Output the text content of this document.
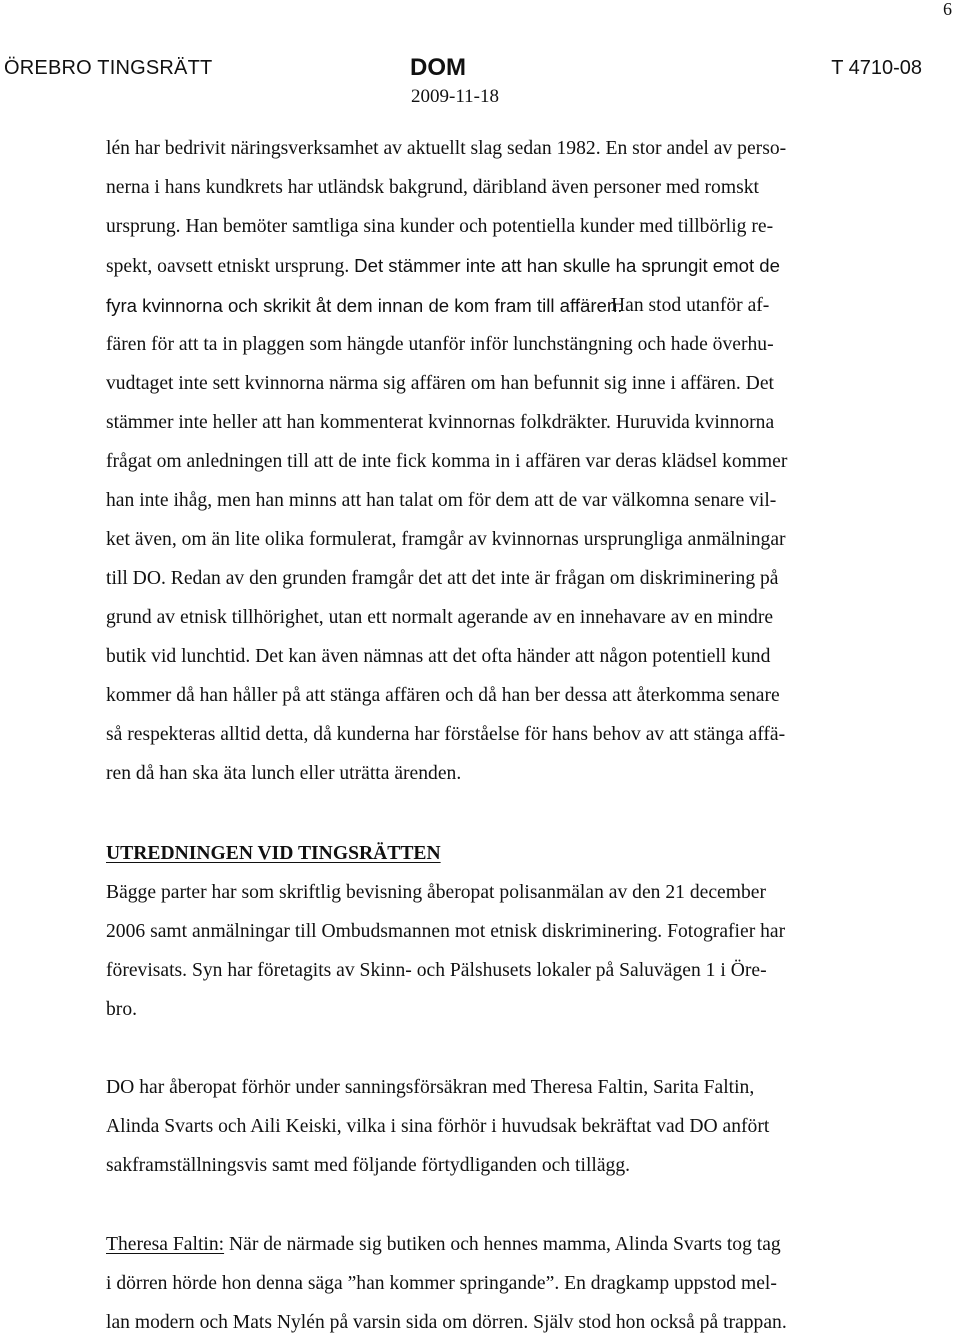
6
ÖREBRO TINGSRÄTT	DOM
2009-11-18
T 4710-08
lén har bedrivit näringsverksamhet av aktuellt slag sedan 1982. En stor andel av perso-
nerna i hans kundkrets har utländsk bakgrund, däribland även personer med romskt
ursprung. Han bemöter samtliga sina kunder och potentiella kunder med tillbörlig re-
spekt, oavsett etniskt ursprung. Det stämmer inte att han skulle ha sprungit emot de
fyra kvinnorna och skrikit åt dem innan de kom fram till affären.
Han stod utanför af-
fären för att ta in plaggen som hängde utanför inför lunchstängning och hade överhu-
vudtaget inte sett kvinnorna närma sig affären om han befunnit sig inne i affären. Det
stämmer inte heller att han kommenterat kvinnornas folkdräkter. Huruvida kvinnorna
frågat om anledningen till att de inte fick komma in i affären var deras klädsel kommer
han inte ihåg, men han minns att han talat om för dem att de var välkomna senare vil-
ket även, om än lite olika formulerat, framgår av kvinnornas ursprungliga anmälningar
till DO. Redan av den grunden framgår det att det inte är frågan om diskriminering på
grund av etnisk tillhörighet, utan ett normalt agerande av en innehavare av en mindre
butik vid lunchtid. Det kan även nämnas att det ofta händer att någon potentiell kund
kommer då han håller på att stänga affären och då han ber dessa att återkomma senare
så respekteras alltid detta, då kunderna har förståelse för hans behov av att stänga affä-
ren då han ska äta lunch eller uträtta ärenden.
UTREDNINGEN VID TINGSRÄTTEN
Bägge parter har som skriftlig bevisning åberopat polisanmälan av den 21 december
2006 samt anmälningar till Ombudsmannen mot etnisk diskriminering. Fotografier har
förevisats. Syn har företagits av Skinn- och Pälshusets lokaler på Saluvägen 1 i Öre-
bro.
DO har åberopat förhör under sanningsförsäkran med Theresa Faltin, Sarita Faltin,
Alinda Svarts och Aili Keiski, vilka i sina förhör i huvudsak bekräftat vad DO anfört
sakframställningsvis samt med följande förtydliganden och tillägg.
Theresa Faltin: När de närmade sig butiken och hennes mamma, Alinda Svarts tog tag
i dörren hörde hon denna säga ”han kommer springande”. En dragkamp uppstod mel-
lan modern och Mats Nylén på varsin sida om dörren. Själv stod hon också på trappan.
